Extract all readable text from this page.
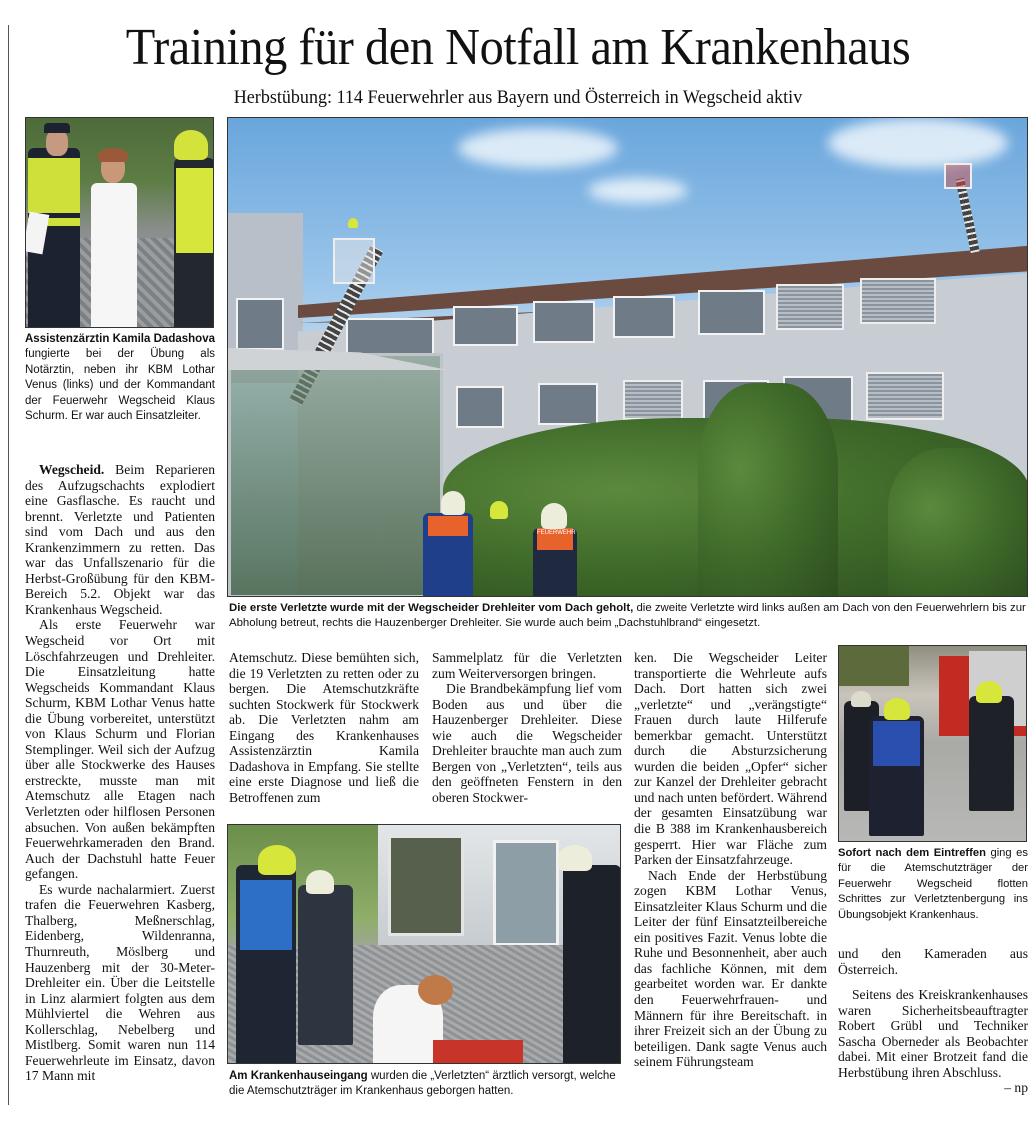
Training für den Notfall am Krankenhaus
Herbstübung: 114 Feuerwehrler aus Bayern und Österreich in Wegscheid aktiv
Assistenzärztin Kamila Dadashova fungierte bei der Übung als Notärztin, neben ihr KBM Lothar Venus (links) und der Kommandant der Feuerwehr Wegscheid Klaus Schurm. Er war auch Einsatzleiter.
FEUERWEHR
Die erste Verletzte wurde mit der Wegscheider Drehleiter vom Dach geholt, die zweite Verletzte wird links außen am Dach von den Feuerwehrlern bis zur Abholung betreut, rechts die Hauzenberger Drehleiter. Sie wurde auch beim „Dachstuhlbrand“ eingesetzt.
Am Krankenhauseingang wurden die „Verletzten“ ärztlich versorgt, welche die Atemschutzträger im Krankenhaus geborgen hatten.
Sofort nach dem Eintreffen ging es für die Atemschutzträger der Feuerwehr Wegscheid flotten Schrittes zur Verletztenbergung ins Übungsobjekt Krankenhaus.

Wegscheid. Beim Reparieren des Aufzugschachts explodiert eine Gasflasche. Es raucht und brennt. Verletzte und Patienten sind vom Dach und aus den Krankenzimmern zu retten. Das war das Unfallszenario für die Herbst-Großübung für den KBM-Bereich 5.2. Objekt war das Krankenhaus Wegscheid.

Als erste Feuerwehr war Wegscheid vor Ort mit Löschfahrzeugen und Drehleiter. Die Einsatzleitung hatte Wegscheids Kommandant Klaus Schurm, KBM Lothar Venus hatte die Übung vorbereitet, unterstützt von Klaus Schurm und Florian Stemplinger. Weil sich der Aufzug über alle Stockwerke des Hauses erstreckte, musste man mit Atemschutz alle Etagen nach Verletzten oder hilflosen Personen absuchen. Von außen bekämpften Feuerwehrkameraden den Brand. Auch der Dachstuhl hatte Feuer gefangen.

Es wurde nachalarmiert. Zuerst trafen die Feuerwehren Kasberg, Thalberg, Meßnerschlag, Eidenberg, Wildenranna, Thurnreuth, Möslberg und Hauzenberg mit der 30-Meter-Drehleiter ein. Über die Leitstelle in Linz alarmiert folgten aus dem Mühlviertel die Wehren aus Kollerschlag, Nebelberg und Mistlberg. Somit waren nun 114 Feuerwehrleute im Einsatz, davon 17 Mann mit

Atemschutz. Diese bemühten sich, die 19 Verletzten zu retten oder zu bergen. Die Atemschutzkräfte suchten Stockwerk für Stockwerk ab. Die Verletzten nahm am Eingang des Krankenhauses Assistenzärztin Kamila Dadashova in Empfang. Sie stellte eine erste Diagnose und ließ die Betroffenen zum

Sammelplatz für die Verletzten zum Weiterversorgen bringen.

Die Brandbekämpfung lief vom Boden aus und über die Hauzenberger Drehleiter. Diese wie auch die Wegscheider Drehleiter brauchte man auch zum Bergen von „Verletzten“, teils aus den geöffneten Fenstern in den oberen Stockwer-

ken. Die Wegscheider Leiter transportierte die Wehrleute aufs Dach. Dort hatten sich zwei „verletzte“ und „verängstigte“ Frauen durch laute Hilferufe bemerkbar gemacht. Unterstützt durch die Absturzsicherung wurden die beiden „Opfer“ sicher zur Kanzel der Drehleiter gebracht und nach unten befördert. Während der gesamten Einsatzübung war die B 388 im Krankenhausbereich gesperrt. Hier war Fläche zum Parken der Einsatzfahrzeuge.

Nach Ende der Herbstübung zogen KBM Lothar Venus, Einsatzleiter Klaus Schurm und die Leiter der fünf Einsatzteilbereiche ein positives Fazit. Venus lobte die Ruhe und Besonnenheit, aber auch das fachliche Können, mit dem gearbeitet worden war. Er dankte den Feuerwehrfrauen- und Männern für ihre Bereitschaft. in ihrer Freizeit sich an der Übung zu beteiligen. Dank sagte Venus auch seinem Führungsteam

und den Kameraden aus Österreich.

Seitens des Kreiskrankenhauses waren Sicherheitsbeauftragter Robert Grübl und Techniker Sascha Oberneder als Beobachter dabei. Mit einer Brotzeit fand die Herbstübung ihren Abschluss.
– np
